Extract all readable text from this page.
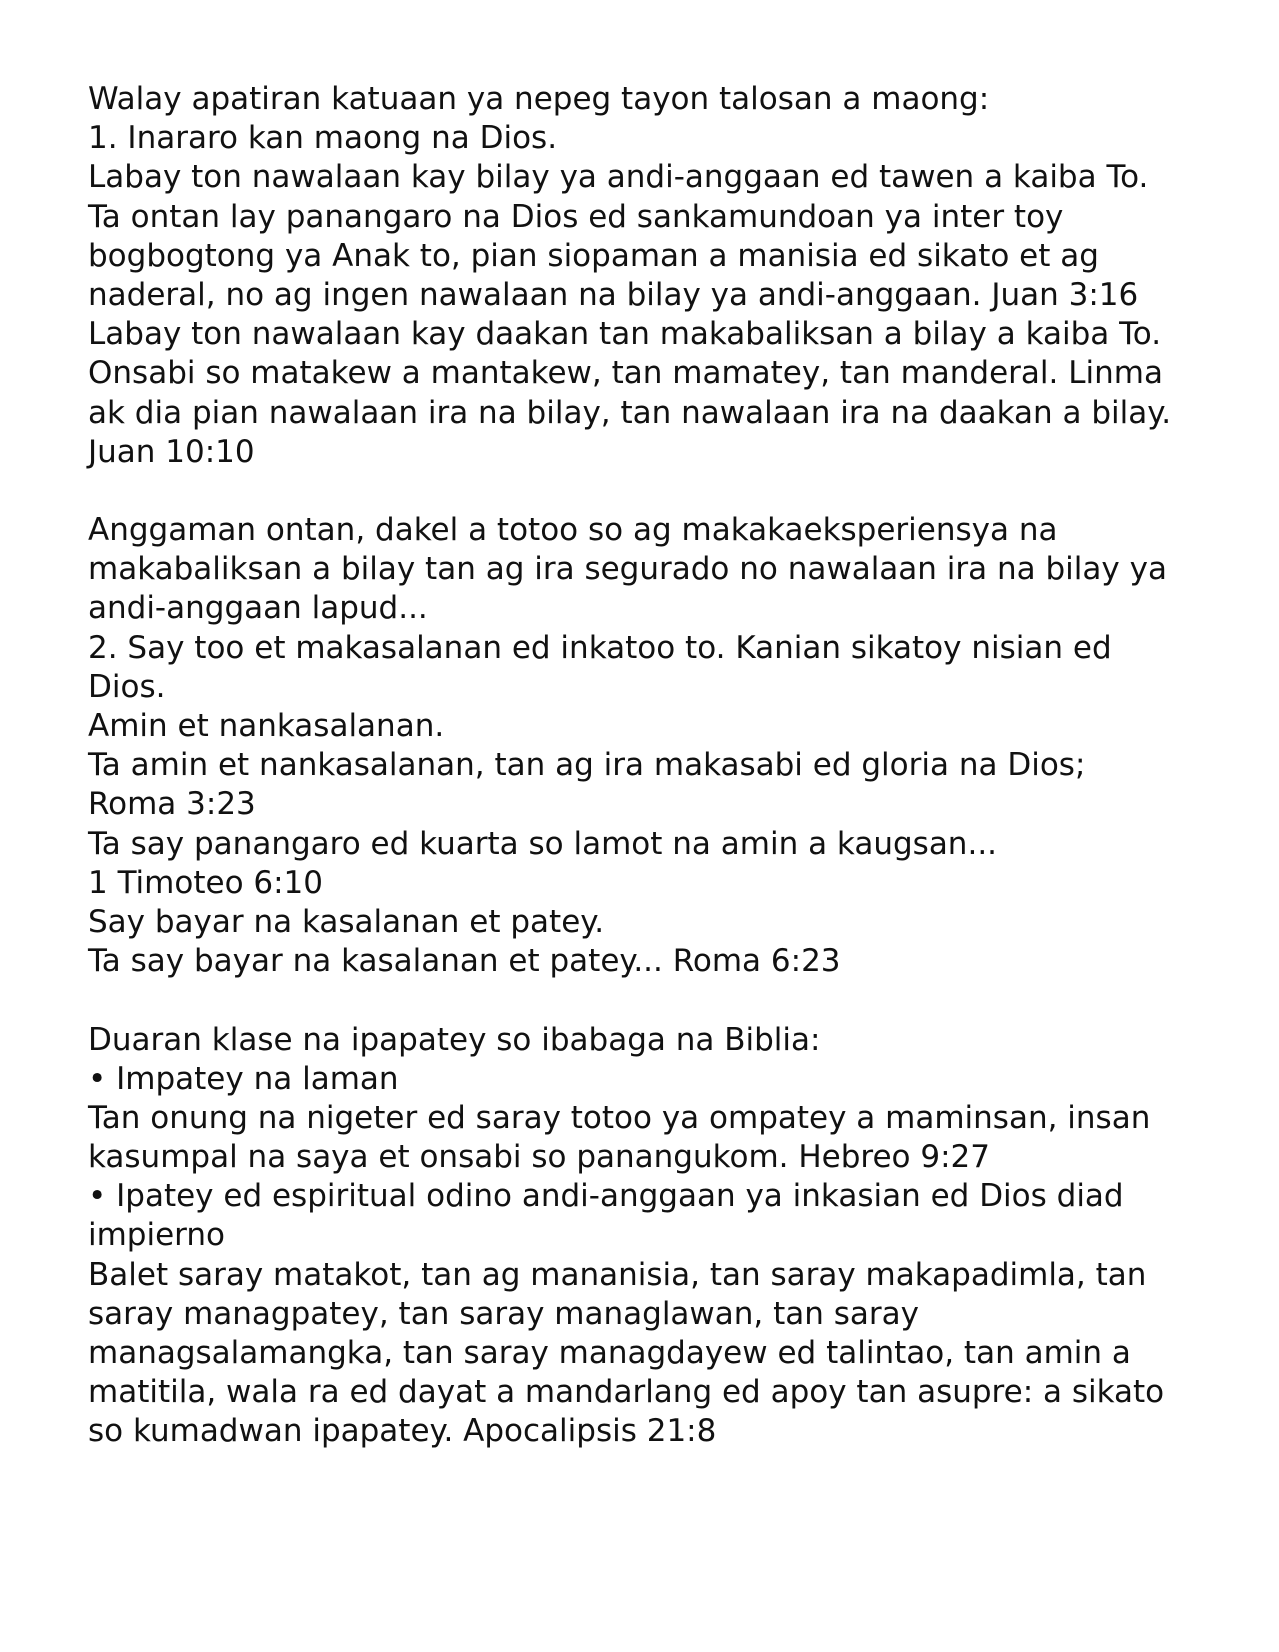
Walay apatiran katuaan ya nepeg tayon talosan a maong:
1. Inararo kan maong na Dios.
Labay ton nawalaan kay bilay ya andi-anggaan ed tawen a kaiba To.
Ta ontan lay panangaro na Dios ed sankamundoan ya inter toy
bogbogtong ya Anak to, pian siopaman a manisia ed sikato et ag
naderal, no ag ingen nawalaan na bilay ya andi-anggaan. Juan 3:16
Labay ton nawalaan kay daakan tan makabaliksan a bilay a kaiba To.
Onsabi so matakew a mantakew, tan mamatey, tan manderal. Linma
ak dia pian nawalaan ira na bilay, tan nawalaan ira na daakan a bilay.
Juan 10:10
Anggaman ontan, dakel a totoo so ag makakaeksperiensya na
makabaliksan a bilay tan ag ira segurado no nawalaan ira na bilay ya
andi-anggaan lapud...
2. Say too et makasalanan ed inkatoo to. Kanian sikatoy nisian ed
Dios.
Amin et nankasalanan.
Ta amin et nankasalanan, tan ag ira makasabi ed gloria na Dios;
Roma 3:23
Ta say panangaro ed kuarta so lamot na amin a kaugsan...
1 Timoteo 6:10
Say bayar na kasalanan et patey.
Ta say bayar na kasalanan et patey... Roma 6:23
Duaran klase na ipapatey so ibabaga na Biblia:
• Impatey na laman
Tan onung na nigeter ed saray totoo ya ompatey a maminsan, insan
kasumpal na saya et onsabi so panangukom. Hebreo 9:27
• Ipatey ed espiritual odino andi-anggaan ya inkasian ed Dios diad
impierno
Balet saray matakot, tan ag mananisia, tan saray makapadimla, tan
saray managpatey, tan saray managlawan, tan saray
managsalamangka, tan saray managdayew ed talintao, tan amin a
matitila, wala ra ed dayat a mandarlang ed apoy tan asupre: a sikato
so kumadwan ipapatey. Apocalipsis 21:8
